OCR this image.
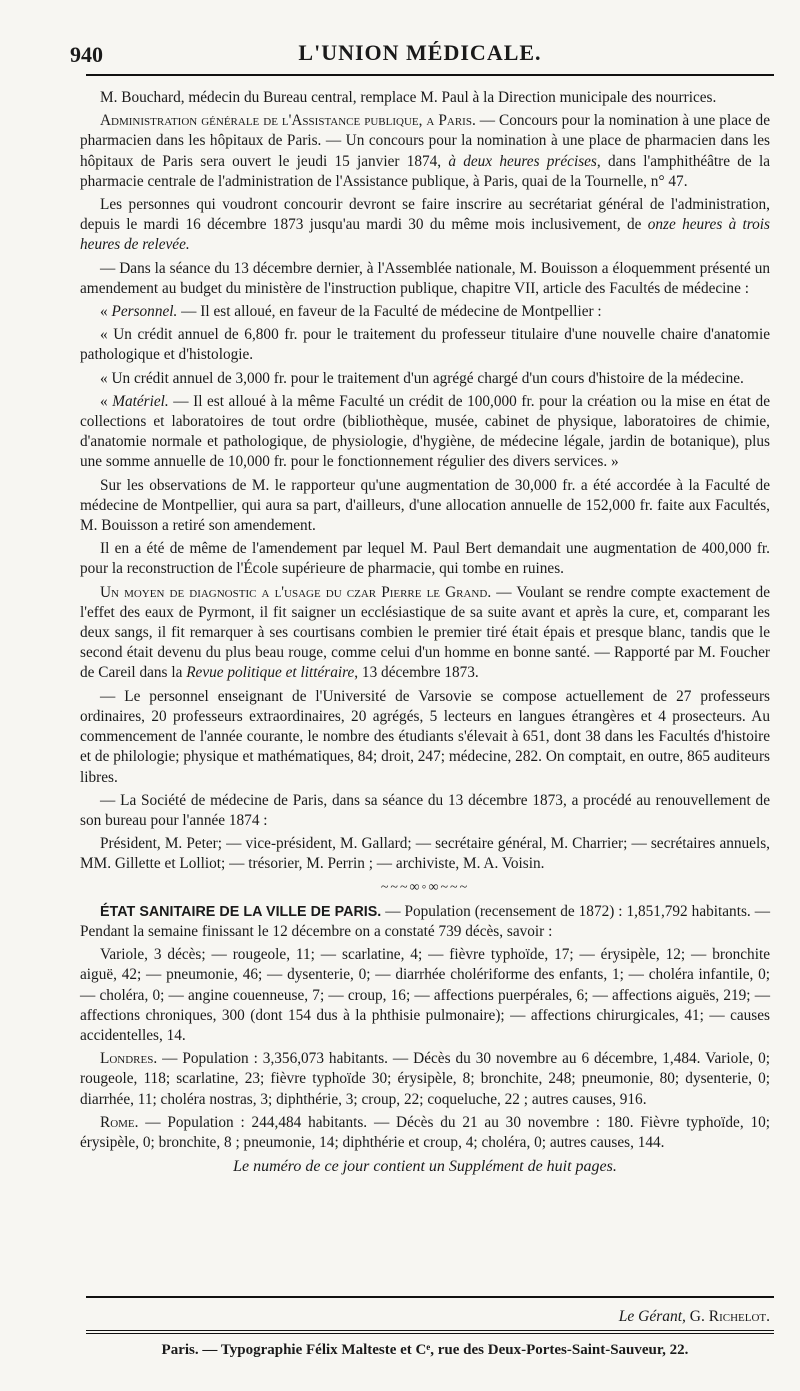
940	L'UNION MÉDICALE.

M. Bouchard, médecin du Bureau central, remplace M. Paul à la Direction municipale des nourrices.

Administration générale de l'Assistance publique, a Paris. — Concours pour la nomination à une place de pharmacien dans les hôpitaux de Paris. — Un concours pour la nomination à une place de pharmacien dans les hôpitaux de Paris sera ouvert le jeudi 15 janvier 1874, à deux heures précises, dans l'amphithéâtre de la pharmacie centrale de l'administration de l'Assistance publique, à Paris, quai de la Tournelle, n° 47.

Les personnes qui voudront concourir devront se faire inscrire au secrétariat général de l'administration, depuis le mardi 16 décembre 1873 jusqu'au mardi 30 du même mois inclusivement, de onze heures à trois heures de relevée.

— Dans la séance du 13 décembre dernier, à l'Assemblée nationale, M. Bouisson a éloquemment présenté un amendement au budget du ministère de l'instruction publique, chapitre VII, article des Facultés de médecine :

« Personnel. — Il est alloué, en faveur de la Faculté de médecine de Montpellier :

« Un crédit annuel de 6,800 fr. pour le traitement du professeur titulaire d'une nouvelle chaire d'anatomie pathologique et d'histologie.

« Un crédit annuel de 3,000 fr. pour le traitement d'un agrégé chargé d'un cours d'histoire de la médecine.

« Matériel. — Il est alloué à la même Faculté un crédit de 100,000 fr. pour la création ou la mise en état de collections et laboratoires de tout ordre (bibliothèque, musée, cabinet de physique, laboratoires de chimie, d'anatomie normale et pathologique, de physiologie, d'hygiène, de médecine légale, jardin de botanique), plus une somme annuelle de 10,000 fr. pour le fonctionnement régulier des divers services. »

Sur les observations de M. le rapporteur qu'une augmentation de 30,000 fr. a été accordée à la Faculté de médecine de Montpellier, qui aura sa part, d'ailleurs, d'une allocation annuelle de 152,000 fr. faite aux Facultés, M. Bouisson a retiré son amendement.

Il en a été de même de l'amendement par lequel M. Paul Bert demandait une augmentation de 400,000 fr. pour la reconstruction de l'École supérieure de pharmacie, qui tombe en ruines.

Un moyen de diagnostic a l'usage du czar Pierre le Grand. — Voulant se rendre compte exactement de l'effet des eaux de Pyrmont, il fit saigner un ecclésiastique de sa suite avant et après la cure, et, comparant les deux sangs, il fit remarquer à ses courtisans combien le premier tiré était épais et presque blanc, tandis que le second était devenu du plus beau rouge, comme celui d'un homme en bonne santé. — Rapporté par M. Foucher de Careil dans la Revue politique et littéraire, 13 décembre 1873.

— Le personnel enseignant de l'Université de Varsovie se compose actuellement de 27 professeurs ordinaires, 20 professeurs extraordinaires, 20 agrégés, 5 lecteurs en langues étrangères et 4 prosecteurs. Au commencement de l'année courante, le nombre des étudiants s'élevait à 651, dont 38 dans les Facultés d'histoire et de philologie; physique et mathématiques, 84; droit, 247; médecine, 282. On comptait, en outre, 865 auditeurs libres.

— La Société de médecine de Paris, dans sa séance du 13 décembre 1873, a procédé au renouvellement de son bureau pour l'année 1874 :

Président, M. Peter; — vice-président, M. Gallard; — secrétaire général, M. Charrier; — secrétaires annuels, MM. Gillette et Lolliot; — trésorier, M. Perrin ; — archiviste, M. A. Voisin.

~~~∞◦∞~~~

ÉTAT SANITAIRE DE LA VILLE DE PARIS. — Population (recensement de 1872) : 1,851,792 habitants. — Pendant la semaine finissant le 12 décembre on a constaté 739 décès, savoir :

Variole, 3 décès; — rougeole, 11; — scarlatine, 4; — fièvre typhoïde, 17; — érysipèle, 12; — bronchite aiguë, 42; — pneumonie, 46; — dysenterie, 0; — diarrhée cholériforme des enfants, 1; — choléra infantile, 0; — choléra, 0; — angine couenneuse, 7; — croup, 16; — affections puerpérales, 6; — affections aiguës, 219; — affections chroniques, 300 (dont 154 dus à la phthisie pulmonaire); — affections chirurgicales, 41; — causes accidentelles, 14.

Londres. — Population : 3,356,073 habitants. — Décès du 30 novembre au 6 décembre, 1,484. Variole, 0; rougeole, 118; scarlatine, 23; fièvre typhoïde 30; érysipèle, 8; bronchite, 248; pneumonie, 80; dysenterie, 0; diarrhée, 11; choléra nostras, 3; diphthérie, 3; croup, 22; coqueluche, 22 ; autres causes, 916.

Rome. — Population : 244,484 habitants. — Décès du 21 au 30 novembre : 180. Fièvre typhoïde, 10; érysipèle, 0; bronchite, 8 ; pneumonie, 14; diphthérie et croup, 4; choléra, 0; autres causes, 144.

Le numéro de ce jour contient un Supplément de huit pages.
Le Gérant, G. Richelot.
Paris. — Typographie Félix Malteste et Cᵉ, rue des Deux-Portes-Saint-Sauveur, 22.
